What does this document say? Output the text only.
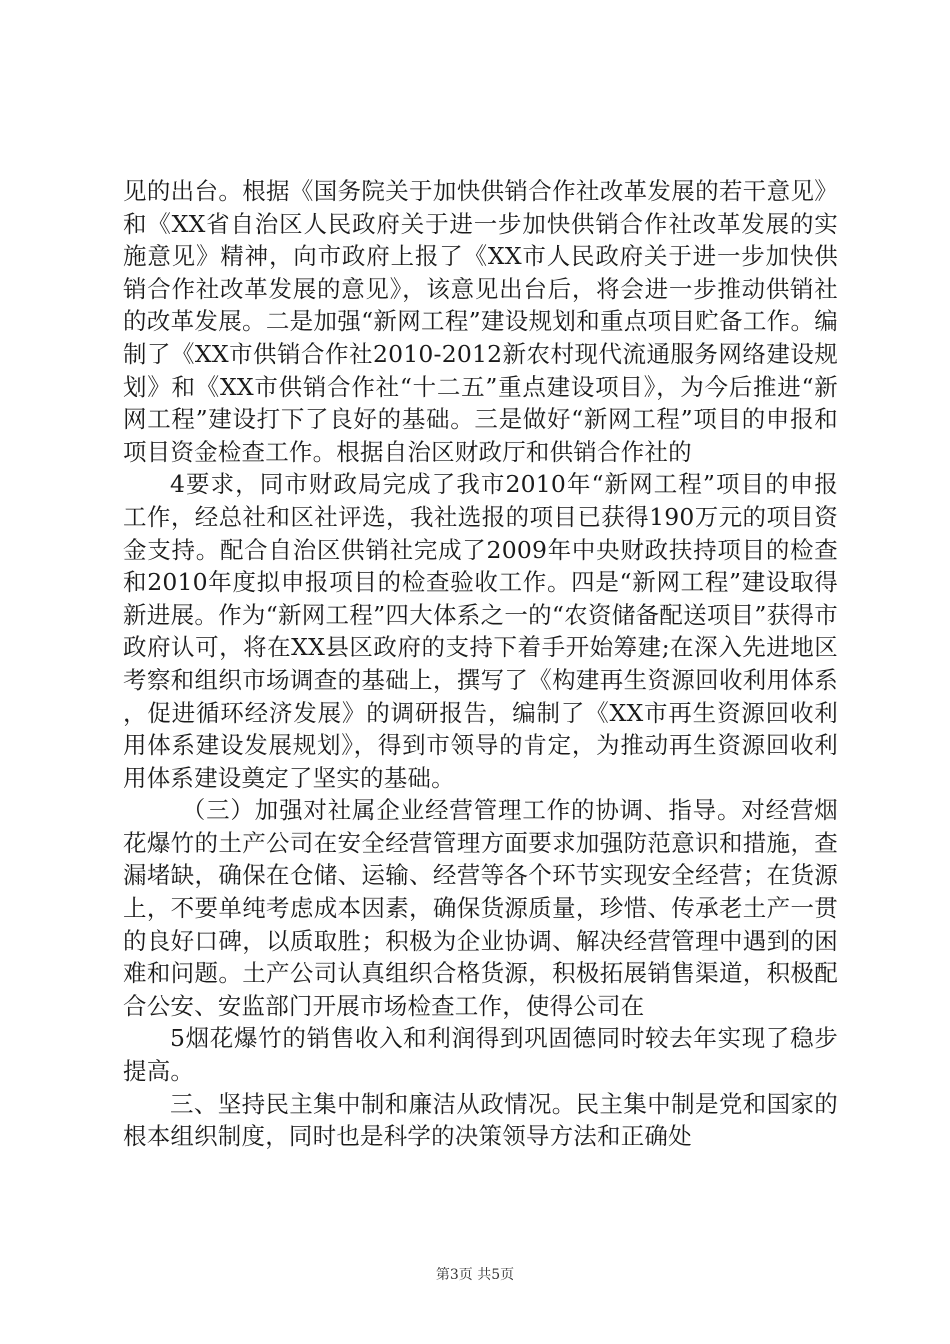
见的出台。根据《国务院关于加快供销合作社改革发展的若干意见》和《XX省自治区人民政府关于进一步加快供销合作社改革发展的实施意见》精神，向市政府上报了《XX市人民政府关于进一步加快供销合作社改革发展的意见》，该意见出台后，将会进一步推动供销社的改革发展。二是加强“新网工程”建设规划和重点项目贮备工作。编制了《XX市供销合作社2010-2012新农村现代流通服务网络建设规划》和《XX市供销合作社“十二五”重点建设项目》，为今后推进“新网工程”建设打下了良好的基础。三是做好“新网工程”项目的申报和项目资金检查工作。根据自治区财政厅和供销合作社的

4要求，同市财政局完成了我市2010年“新网工程”项目的申报工作，经总社和区社评选，我社选报的项目已获得190万元的项目资金支持。配合自治区供销社完成了2009年中央财政扶持项目的检查和2010年度拟申报项目的检查验收工作。四是“新网工程”建设取得新进展。作为“新网工程”四大体系之一的“农资储备配送项目”获得市政府认可，将在XX县区政府的支持下着手开始筹建;在深入先进地区考察和组织市场调查的基础上，撰写了《构建再生资源回收利用体系，促进循环经济发展》的调研报告，编制了《XX市再生资源回收利用体系建设发展规划》，得到市领导的肯定，为推动再生资源回收利用体系建设奠定了坚实的基础。

（三）加强对社属企业经营管理工作的协调、指导。对经营烟花爆竹的土产公司在安全经营管理方面要求加强防范意识和措施，查漏堵缺，确保在仓储、运输、经营等各个环节实现安全经营；在货源上，不要单纯考虑成本因素，确保货源质量，珍惜、传承老土产一贯的良好口碑，以质取胜；积极为企业协调、解决经营管理中遇到的困难和问题。土产公司认真组织合格货源，积极拓展销售渠道，积极配合公安、安监部门开展市场检查工作，使得公司在

5烟花爆竹的销售收入和利润得到巩固德同时较去年实现了稳步提高。

三、坚持民主集中制和廉洁从政情况。民主集中制是党和国家的根本组织制度，同时也是科学的决策领导方法和正确处

第3页 共5页
